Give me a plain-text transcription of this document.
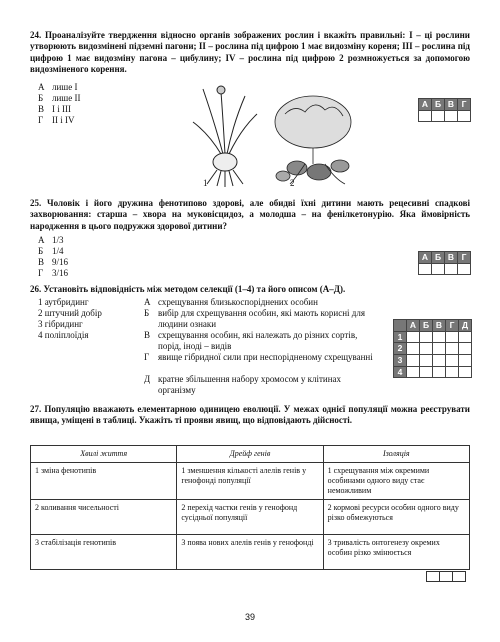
24. Проаналізуйте твердження відносно органів зображених рослин і вкажіть правильні: І – ці рослини утворюють видозмінені підземні пагони; ІІ – рослина під цифрою 1 має видозміну кореня; ІІІ – рослина під цифрою 1 має видозміну пагона – цибулину; IV – рослина під цифрою 2 розмножується за допомогою видозміненого корення.
А лише І
Б лише ІІ
В І і ІІІ
Г ІІ і IV
1	2
А	Б	В	Г

25. Чоловік і його дружина фенотипово здорові, але обидві їхні дитини мають рецесивні спадкові захворювання: старша – хвора на муковісцидоз, а молодша – на фенілкетонурію. Яка ймовірність народження в цього подружжя здорової дитини?
А 1/3
Б 1/4
В 9/16
Г 3/16
А	Б	В	Г

26. Установіть відповідність між методом селекції (1–4) та його описом (А–Д).
1 аутбридинг
2 штучний добір
3 гібридинг
4 поліплоїдія
А схрещування близькоспоріднених особин
Б вибір для схрещування особин, які мають корисні для людини ознаки
В схрещування особин, які належать до різних сортів, порід, іноді – видів
Г явище гібридної сили при неспорідненому схрещуванні
Д кратне збільшення набору хромосом у клітинах організму
	А	Б	В	Г	Д
1					
2					
3					
4					
27. Популяцію вважають елементарною одиницею еволюції. У межах однієї популяції можна реєструвати явища, уміщені в таблиці. Укажіть ті прояви явищ, що відповідають дійсності.
Хвилі життя	Дрейф генів	Ізоляція
1 зміна фенотипів	1 зменшення кількості алелів генів у генофонді популяції	1 схрещування між окремими особинами одного виду стає неможливим
2 коливання чисельності	2 перехід частки генів у генофонд сусідньої популяції	2 кормові ресурси особин одного виду різко обмежуються
3 стабілізація генотипів	3 поява нових алелів генів у генофонді	3 тривалість онтогенезу окремих особин різко змінюється

39
